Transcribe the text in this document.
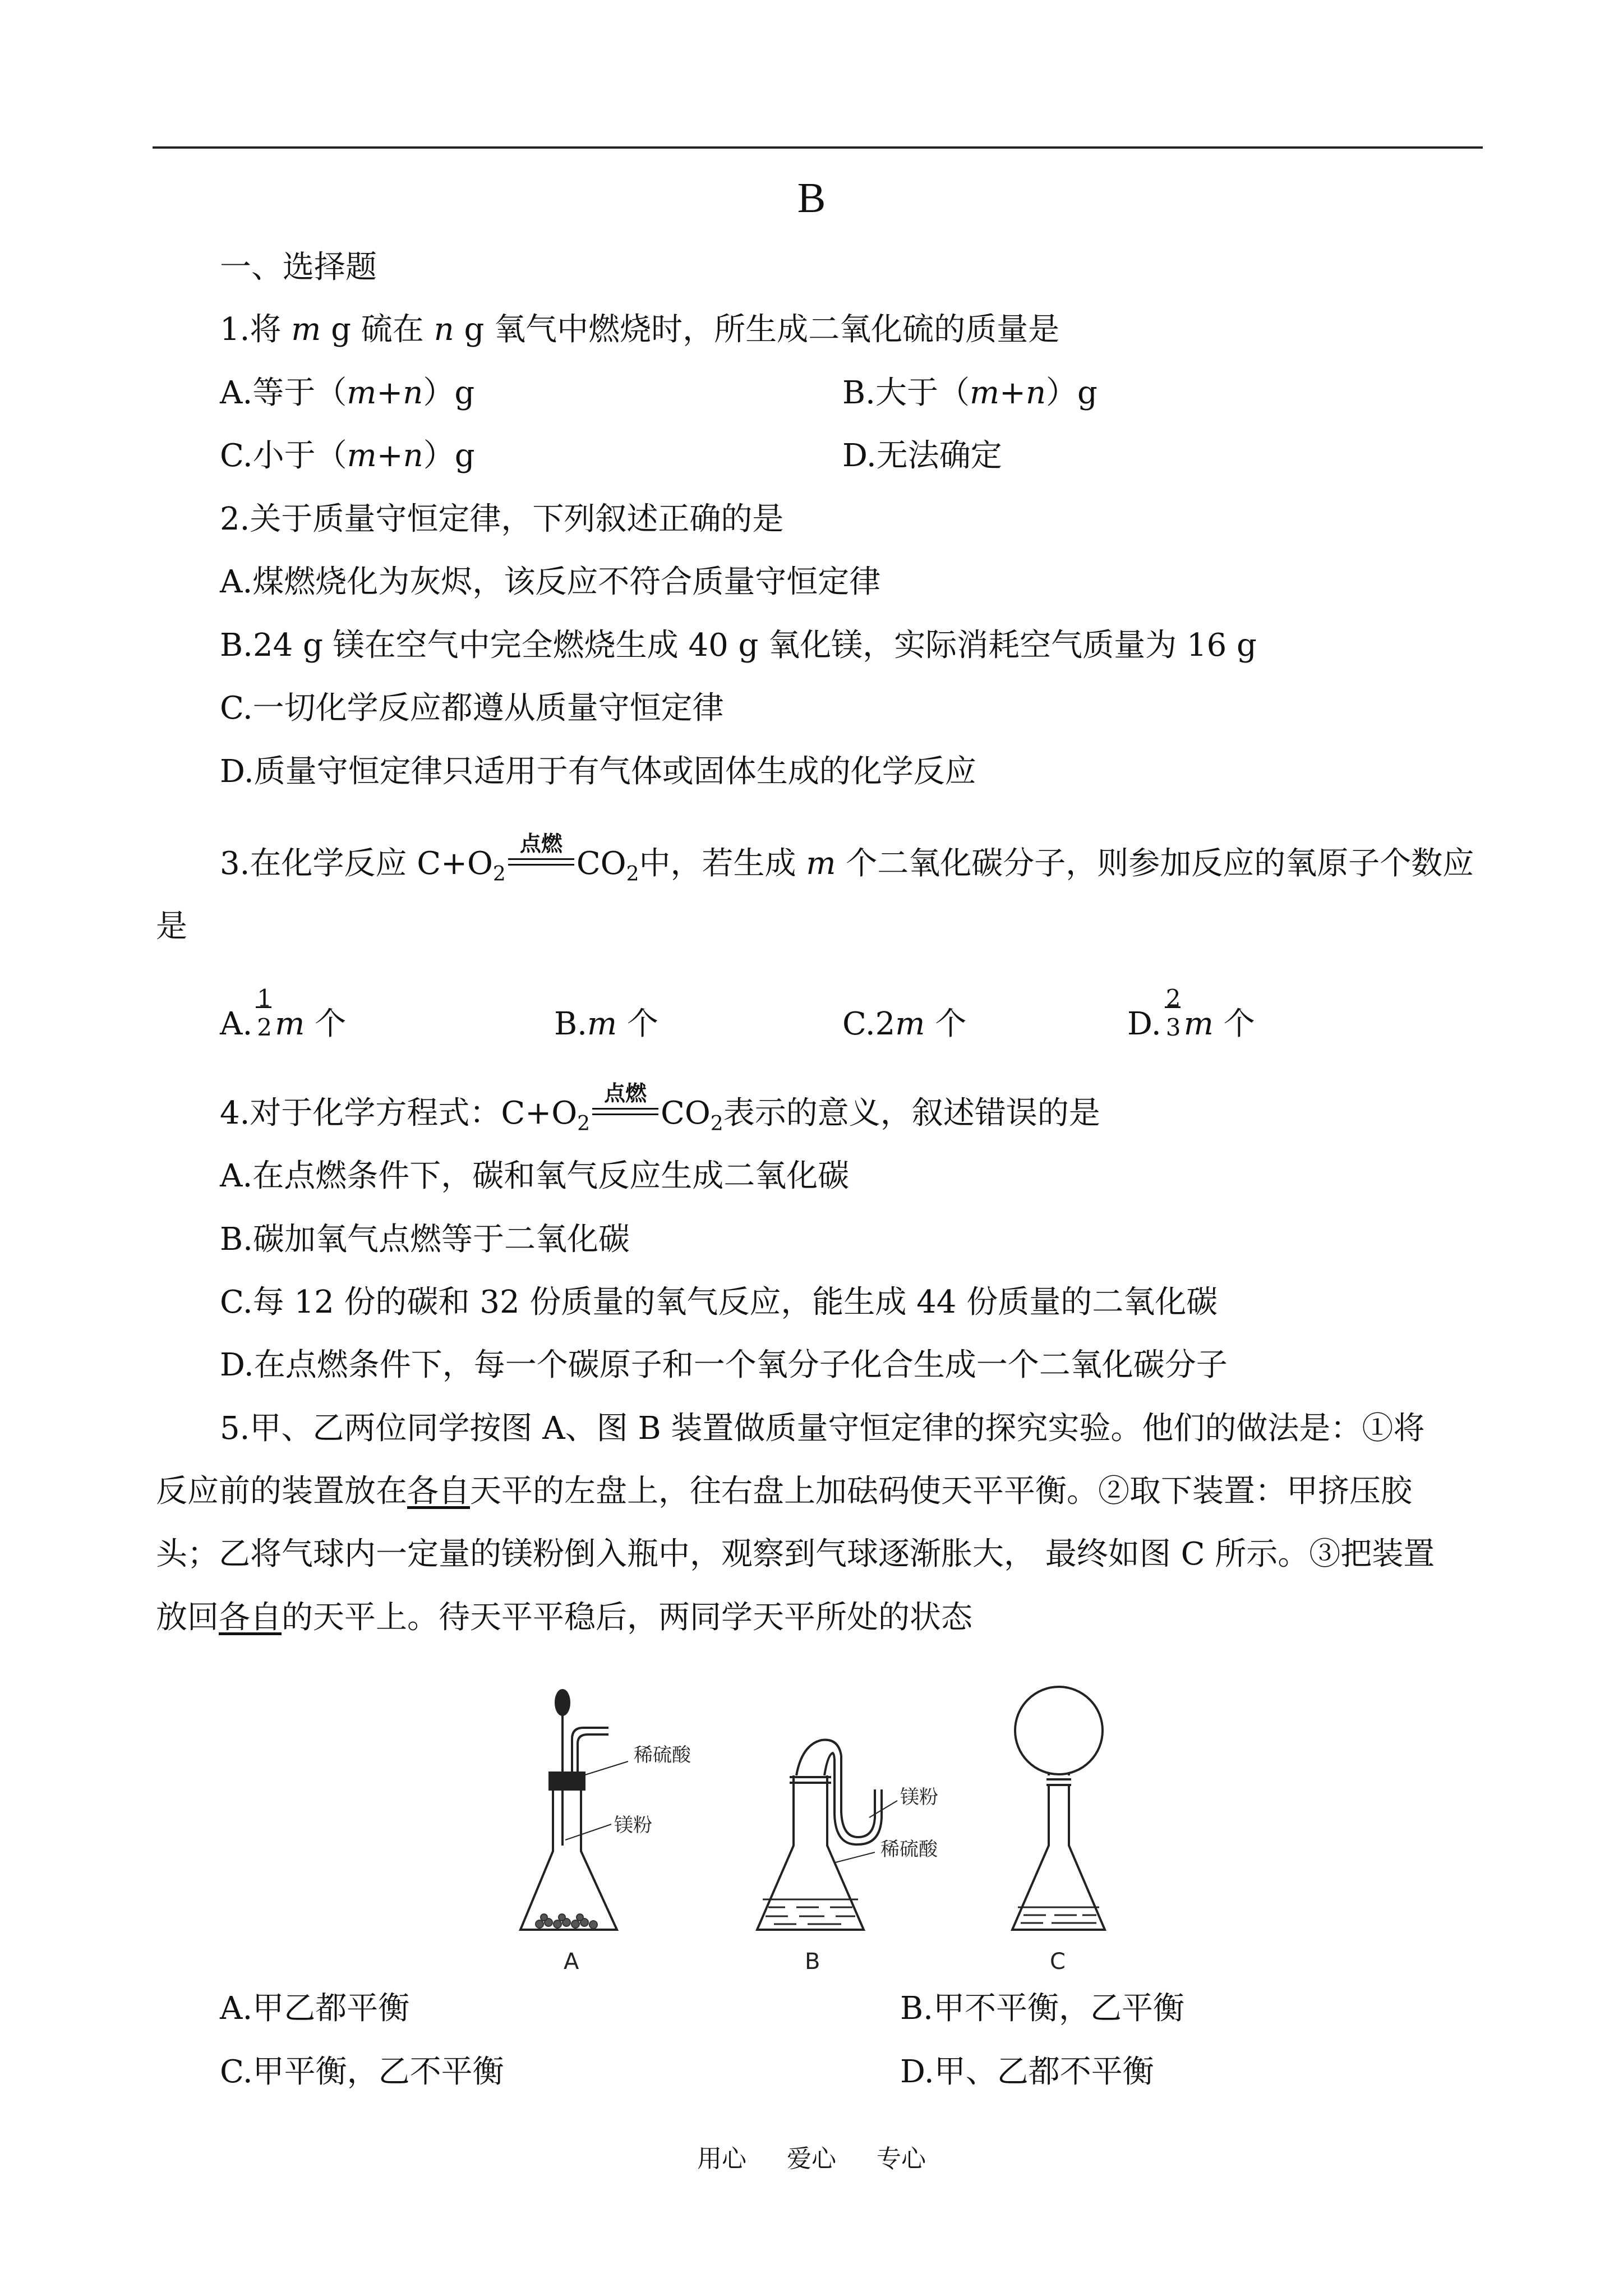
B
一、选择题
1.将 m g 硫在 n g 氧气中燃烧时，所生成二氧化硫的质量是
A.等于（m+n）g	B.大于（m+n）g
C.小于（m+n）g	D.无法确定
2.关于质量守恒定律，下列叙述正确的是
A.煤燃烧化为灰烬，该反应不符合质量守恒定律
B.24 g 镁在空气中完全燃烧生成 40 g 氧化镁，实际消耗空气质量为 16 g
C.一切化学反应都遵从质量守恒定律
D.质量守恒定律只适用于有气体或固体生成的化学反应
3.在化学反应 $C+O_2$
点燃
$CO_2$中，若生成 m 个二氧化碳分子，则参加反应的氧原子个数应
是
A.
1
2 m 个	B.m 个	C.2m 个	D.
2
3 m 个
4.对于化学方程式：$C+O_2$
点燃
$CO_2$表示的意义，叙述错误的是
A.在点燃条件下，碳和氧气反应生成二氧化碳
B.碳加氧气点燃等于二氧化碳
C.每 12 份的碳和 32 份质量的氧气反应，能生成 44 份质量的二氧化碳
D.在点燃条件下，每一个碳原子和一个氧分子化合生成一个二氧化碳分子
5.甲、乙两位同学按图 A、图 B 装置做质量守恒定律的探究实验。他们的做法是：①将
反应前的装置放在各自天平的左盘上，往右盘上加砝码使天平平衡。②取下装置：甲挤压胶
头；乙将气球内一定量的镁粉倒入瓶中，观察到气球逐渐胀大， 最终如图 C 所示。③把装置
放回各自的天平上。待天平平稳后，两同学天平所处的状态
稀硫酸
镁粉
镁粉
稀硫酸
A	B	C
A.甲乙都平衡	B.甲不平衡，乙平衡
C.甲平衡，乙不平衡	D.甲、乙都不平衡
用心 爱心 专心
